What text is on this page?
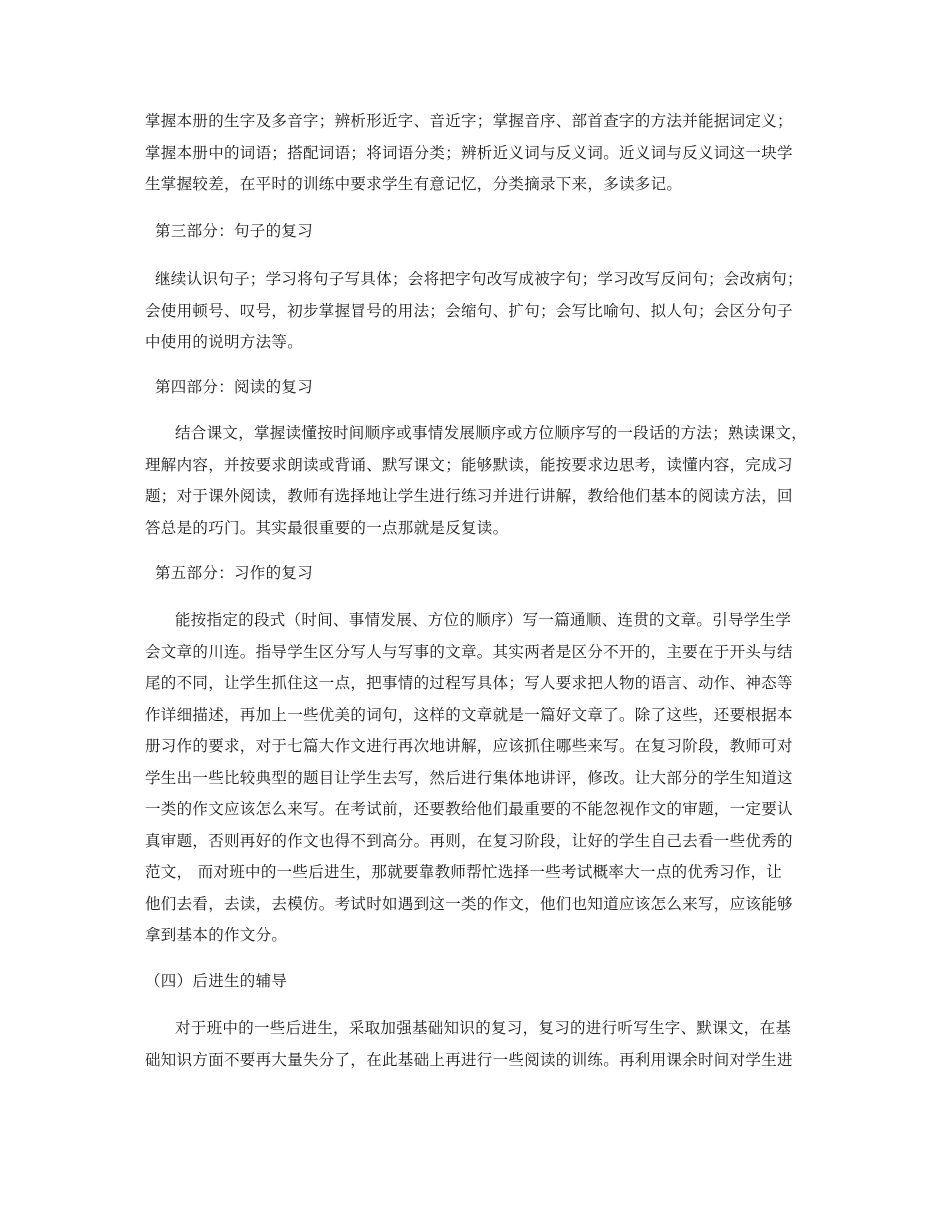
掌握本册的生字及多音字；辨析形近字、音近字；掌握音序、部首查字的方法并能据词定义；
掌握本册中的词语；搭配词语；将词语分类；辨析近义词与反义词。近义词与反义词这一块学
生掌握较差，在平时的训练中要求学生有意记忆，分类摘录下来，多读多记。
第三部分：句子的复习
继续认识句子；学习将句子写具体；会将把字句改写成被字句；学习改写反问句；会改病句；
会使用顿号、叹号，初步掌握冒号的用法；会缩句、扩句；会写比喻句、拟人句；会区分句子
中使用的说明方法等。
第四部分：阅读的复习
结合课文，掌握读懂按时间顺序或事情发展顺序或方位顺序写的一段话的方法；熟读课文，
理解内容，并按要求朗读或背诵、默写课文；能够默读，能按要求边思考，读懂内容，完成习
题；对于课外阅读，教师有选择地让学生进行练习并进行讲解，教给他们基本的阅读方法，回
答总是的巧门。其实最很重要的一点那就是反复读。
第五部分：习作的复习
能按指定的段式（时间、事情发展、方位的顺序）写一篇通顺、连贯的文章。引导学生学
会文章的川连。指导学生区分写人与写事的文章。其实两者是区分不开的，主要在于开头与结
尾的不同，让学生抓住这一点，把事情的过程写具体；写人要求把人物的语言、动作、神态等
作详细描述，再加上一些优美的词句，这样的文章就是一篇好文章了。除了这些，还要根据本
册习作的要求，对于七篇大作文进行再次地讲解，应该抓住哪些来写。在复习阶段，教师可对
学生出一些比较典型的题目让学生去写，然后进行集体地讲评，修改。让大部分的学生知道这
一类的作文应该怎么来写。在考试前，还要教给他们最重要的不能忽视作文的审题，一定要认
真审题，否则再好的作文也得不到高分。再则，在复习阶段，让好的学生自己去看一些优秀的
范文， 而对班中的一些后进生，那就要靠教师帮忙选择一些考试概率大一点的优秀习作，让
他们去看，去读，去模仿。考试时如遇到这一类的作文，他们也知道应该怎么来写，应该能够
拿到基本的作文分。
（四）后进生的辅导
对于班中的一些后进生，采取加强基础知识的复习，复习的进行听写生字、默课文，在基
础知识方面不要再大量失分了，在此基础上再进行一些阅读的训练。再利用课余时间对学生进
